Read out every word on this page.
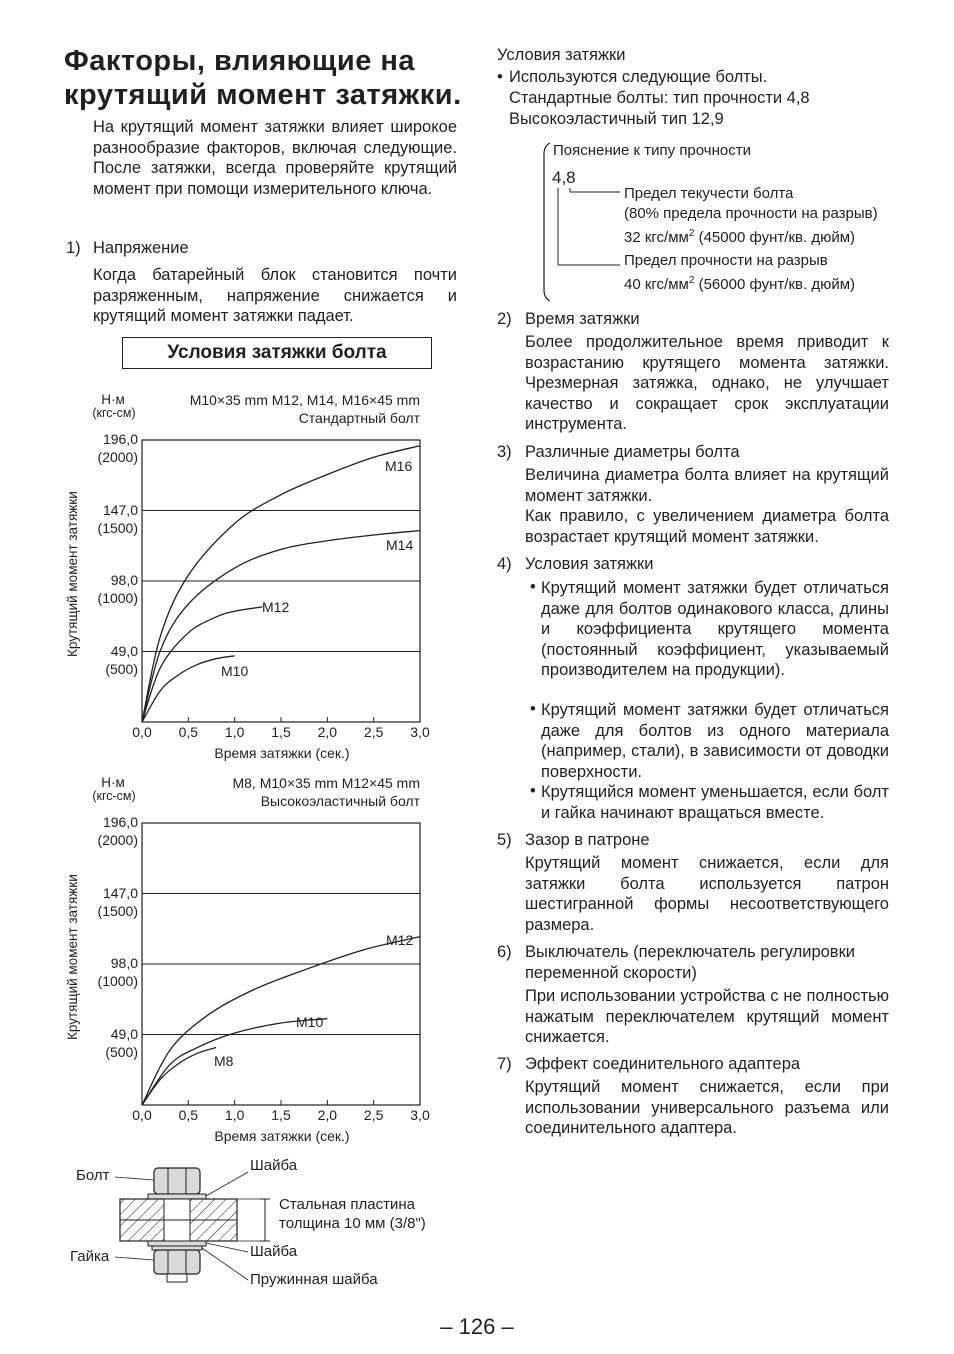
Факторы, влияющие на крутящий момент затяжки.
На крутящий момент затяжки влияет широкое разнообразие факторов, включая следующие. После затяжки, всегда проверяйте крутящий момент при помощи измерительного ключа.
1) Напряжение
Когда батарейный блок становится почти разряженным, напряжение снижается и крутящий момент затяжки падает.
Условия затяжки болта
Н·м
(кгс-см)
M10×35 mm M12, M14, M16×45 mm
Стандартный болт
Крутящий момент затяжки
196,0
(2000)
147,0
(1500)
98,0
(1000)
49,0
(500)
0,0	0,5	1,0	1,5	2,0	2,5	3,0
Время затяжки (сек.)
M16
M14
M12
M10
Н·м
(кгс-см)
M8, M10×35 mm M12×45 mm
Высокоэластичный болт
Крутящий момент затяжки
196,0
(2000)
147,0
(1500)
98,0
(1000)
49,0
(500)
0,0	0,5	1,0	1,5	2,0	2,5	3,0
Время затяжки (сек.)
M12
M10
M8
Болт
Шайба
Стальная пластина
толщина 10 мм (3/8")
Гайка	Шайба
Пружинная шайба
Условия затяжки
• Используются следующие болты.
Стандартные болты: тип прочности 4,8
Высокоэластичный тип 12,9
Пояснение к типу прочности
4,8
Предел текучести болта
(80% предела прочности на разрыв)
32 кгс/$мм^2$ (45000 фунт/кв. дюйм)
Предел прочности на разрыв
40 кгс/$мм^2$ (56000 фунт/кв. дюйм)
2) Время затяжки
Более продолжительное время приводит к возрастанию крутящего момента затяжки. Чрезмерная затяжка, однако, не улучшает качество и сокращает срок эксплуатации инструмента.
3) Различные диаметры болта
Величина диаметра болта влияет на крутящий момент затяжки.
Как правило, с увеличением диаметра болта возрастает крутящий момент затяжки.
4) Условия затяжки
• Крутящий момент затяжки будет отличаться даже для болтов одинакового класса, длины и коэффициента крутящего момента (постоянный коэффициент, указываемый производителем на продукции).
• Крутящий момент затяжки будет отличаться даже для болтов из одного материала (например, стали), в зависимости от доводки поверхности.
• Крутящийся момент уменьшается, если болт и гайка начинают вращаться вместе.
5) Зазор в патроне
Крутящий момент снижается, если для затяжки болта используется патрон шестигранной формы несоответствующего размера.
6) Выключатель (переключатель регулировки переменной скорости)
При использовании устройства с не полностью нажатым переключателем крутящий момент снижается.
7) Эффект соединительного адаптера
Крутящий момент снижается, если при использовании универсального разъема или соединительного адаптера.
– 126 –
